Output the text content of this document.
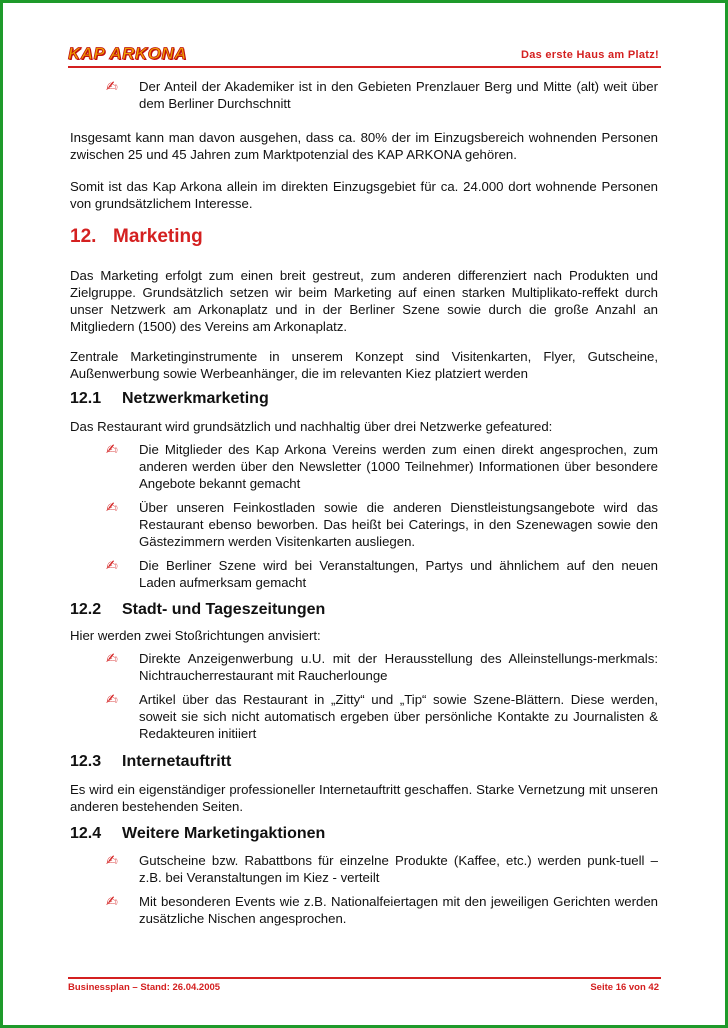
KAP ARKONA	Das erste Haus am Platz!
✍ Der Anteil der Akademiker ist in den Gebieten Prenzlauer Berg und Mitte (alt) weit über dem Berliner Durchschnitt

Insgesamt kann man davon ausgehen, dass ca. 80% der im Einzugsbereich wohnenden Personen zwischen 25 und 45 Jahren zum Marktpotenzial des KAP ARKONA gehören.

Somit ist das Kap Arkona allein im direkten Einzugsgebiet für ca. 24.000 dort wohnende Personen von grundsätzlichem Interesse.

12. Marketing

Das Marketing erfolgt zum einen breit gestreut, zum anderen differenziert nach Produkten und Zielgruppe. Grundsätzlich setzen wir beim Marketing auf einen starken Multiplikato-reffekt durch unser Netzwerk am Arkonaplatz und in der Berliner Szene sowie durch die große Anzahl an Mitgliedern (1500) des Vereins am Arkonaplatz.

Zentrale Marketinginstrumente in unserem Konzept sind Visitenkarten, Flyer, Gutscheine, Außenwerbung sowie Werbeanhänger, die im relevanten Kiez platziert werden

12.1 Netzwerkmarketing

Das Restaurant wird grundsätzlich und nachhaltig über drei Netzwerke gefeatured:

✍ Die Mitglieder des Kap Arkona Vereins werden zum einen direkt angesprochen, zum anderen werden über den Newsletter (1000 Teilnehmer) Informationen über besondere Angebote bekannt gemacht
✍ Über unseren Feinkostladen sowie die anderen Dienstleistungsangebote wird das Restaurant ebenso beworben. Das heißt bei Caterings, in den Szenewagen sowie den Gästezimmern werden Visitenkarten ausliegen.
✍ Die Berliner Szene wird bei Veranstaltungen, Partys und ähnlichem auf den neuen Laden aufmerksam gemacht
12.2 Stadt- und Tageszeitungen

Hier werden zwei Stoßrichtungen anvisiert:

✍ Direkte Anzeigenwerbung u.U. mit der Herausstellung des Alleinstellungs-merkmals: Nichtraucherrestaurant mit Raucherlounge
✍ Artikel über das Restaurant in „Zitty“ und „Tip“ sowie Szene-Blättern. Diese werden, soweit sie sich nicht automatisch ergeben über persönliche Kontakte zu Journalisten & Redakteuren initiiert
12.3 Internetauftritt

Es wird ein eigenständiger professioneller Internetauftritt geschaffen. Starke Vernetzung mit unseren anderen bestehenden Seiten.

12.4 Weitere Marketingaktionen
✍ Gutscheine bzw. Rabattbons für einzelne Produkte (Kaffee, etc.) werden punk-tuell – z.B. bei Veranstaltungen im Kiez - verteilt
✍ Mit besonderen Events wie z.B. Nationalfeiertagen mit den jeweiligen Gerichten werden zusätzliche Nischen angesprochen.
Businessplan – Stand: 26.04.2005	Seite 16 von 42
